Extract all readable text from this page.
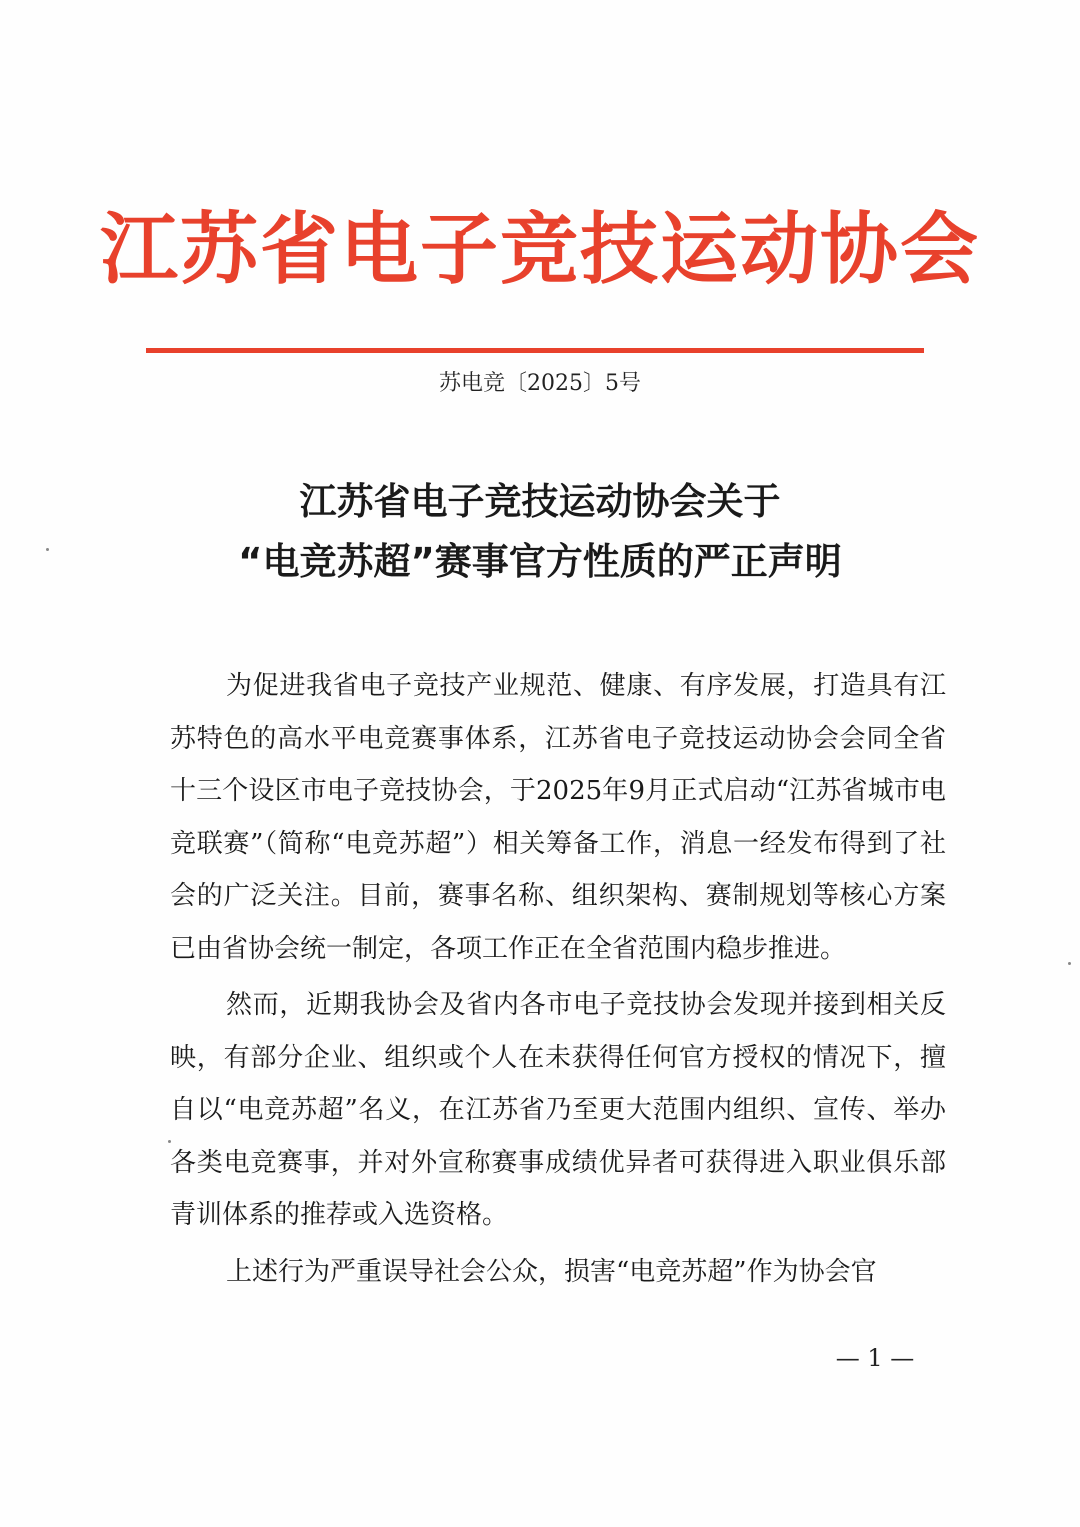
江苏省电子竞技运动协会
苏电竞〔2025〕5号
江苏省电子竞技运动协会关于
“电竞苏超”赛事官方性质的严正声明

为促进我省电子竞技产业规范、健康、有序发展，打造具有江苏特色的高水平电竞赛事体系，江苏省电子竞技运动协会会同全省十三个设区市电子竞技协会，于2025年9月正式启动“江苏省城市电竞联赛”（简称“电竞苏超”）相关筹备工作，消息一经发布得到了社会的广泛关注。目前，赛事名称、组织架构、赛制规划等核心方案已由省协会统一制定，各项工作正在全省范围内稳步推进。

然而，近期我协会及省内各市电子竞技协会发现并接到相关反映，有部分企业、组织或个人在未获得任何官方授权的情况下，擅自以“电竞苏超”名义，在江苏省乃至更大范围内组织、宣传、举办各类电竞赛事，并对外宣称赛事成绩优异者可获得进入职业俱乐部青训体系的推荐或入选资格。

上述行为严重误导社会公众，损害“电竞苏超”作为协会官

— 1 —
